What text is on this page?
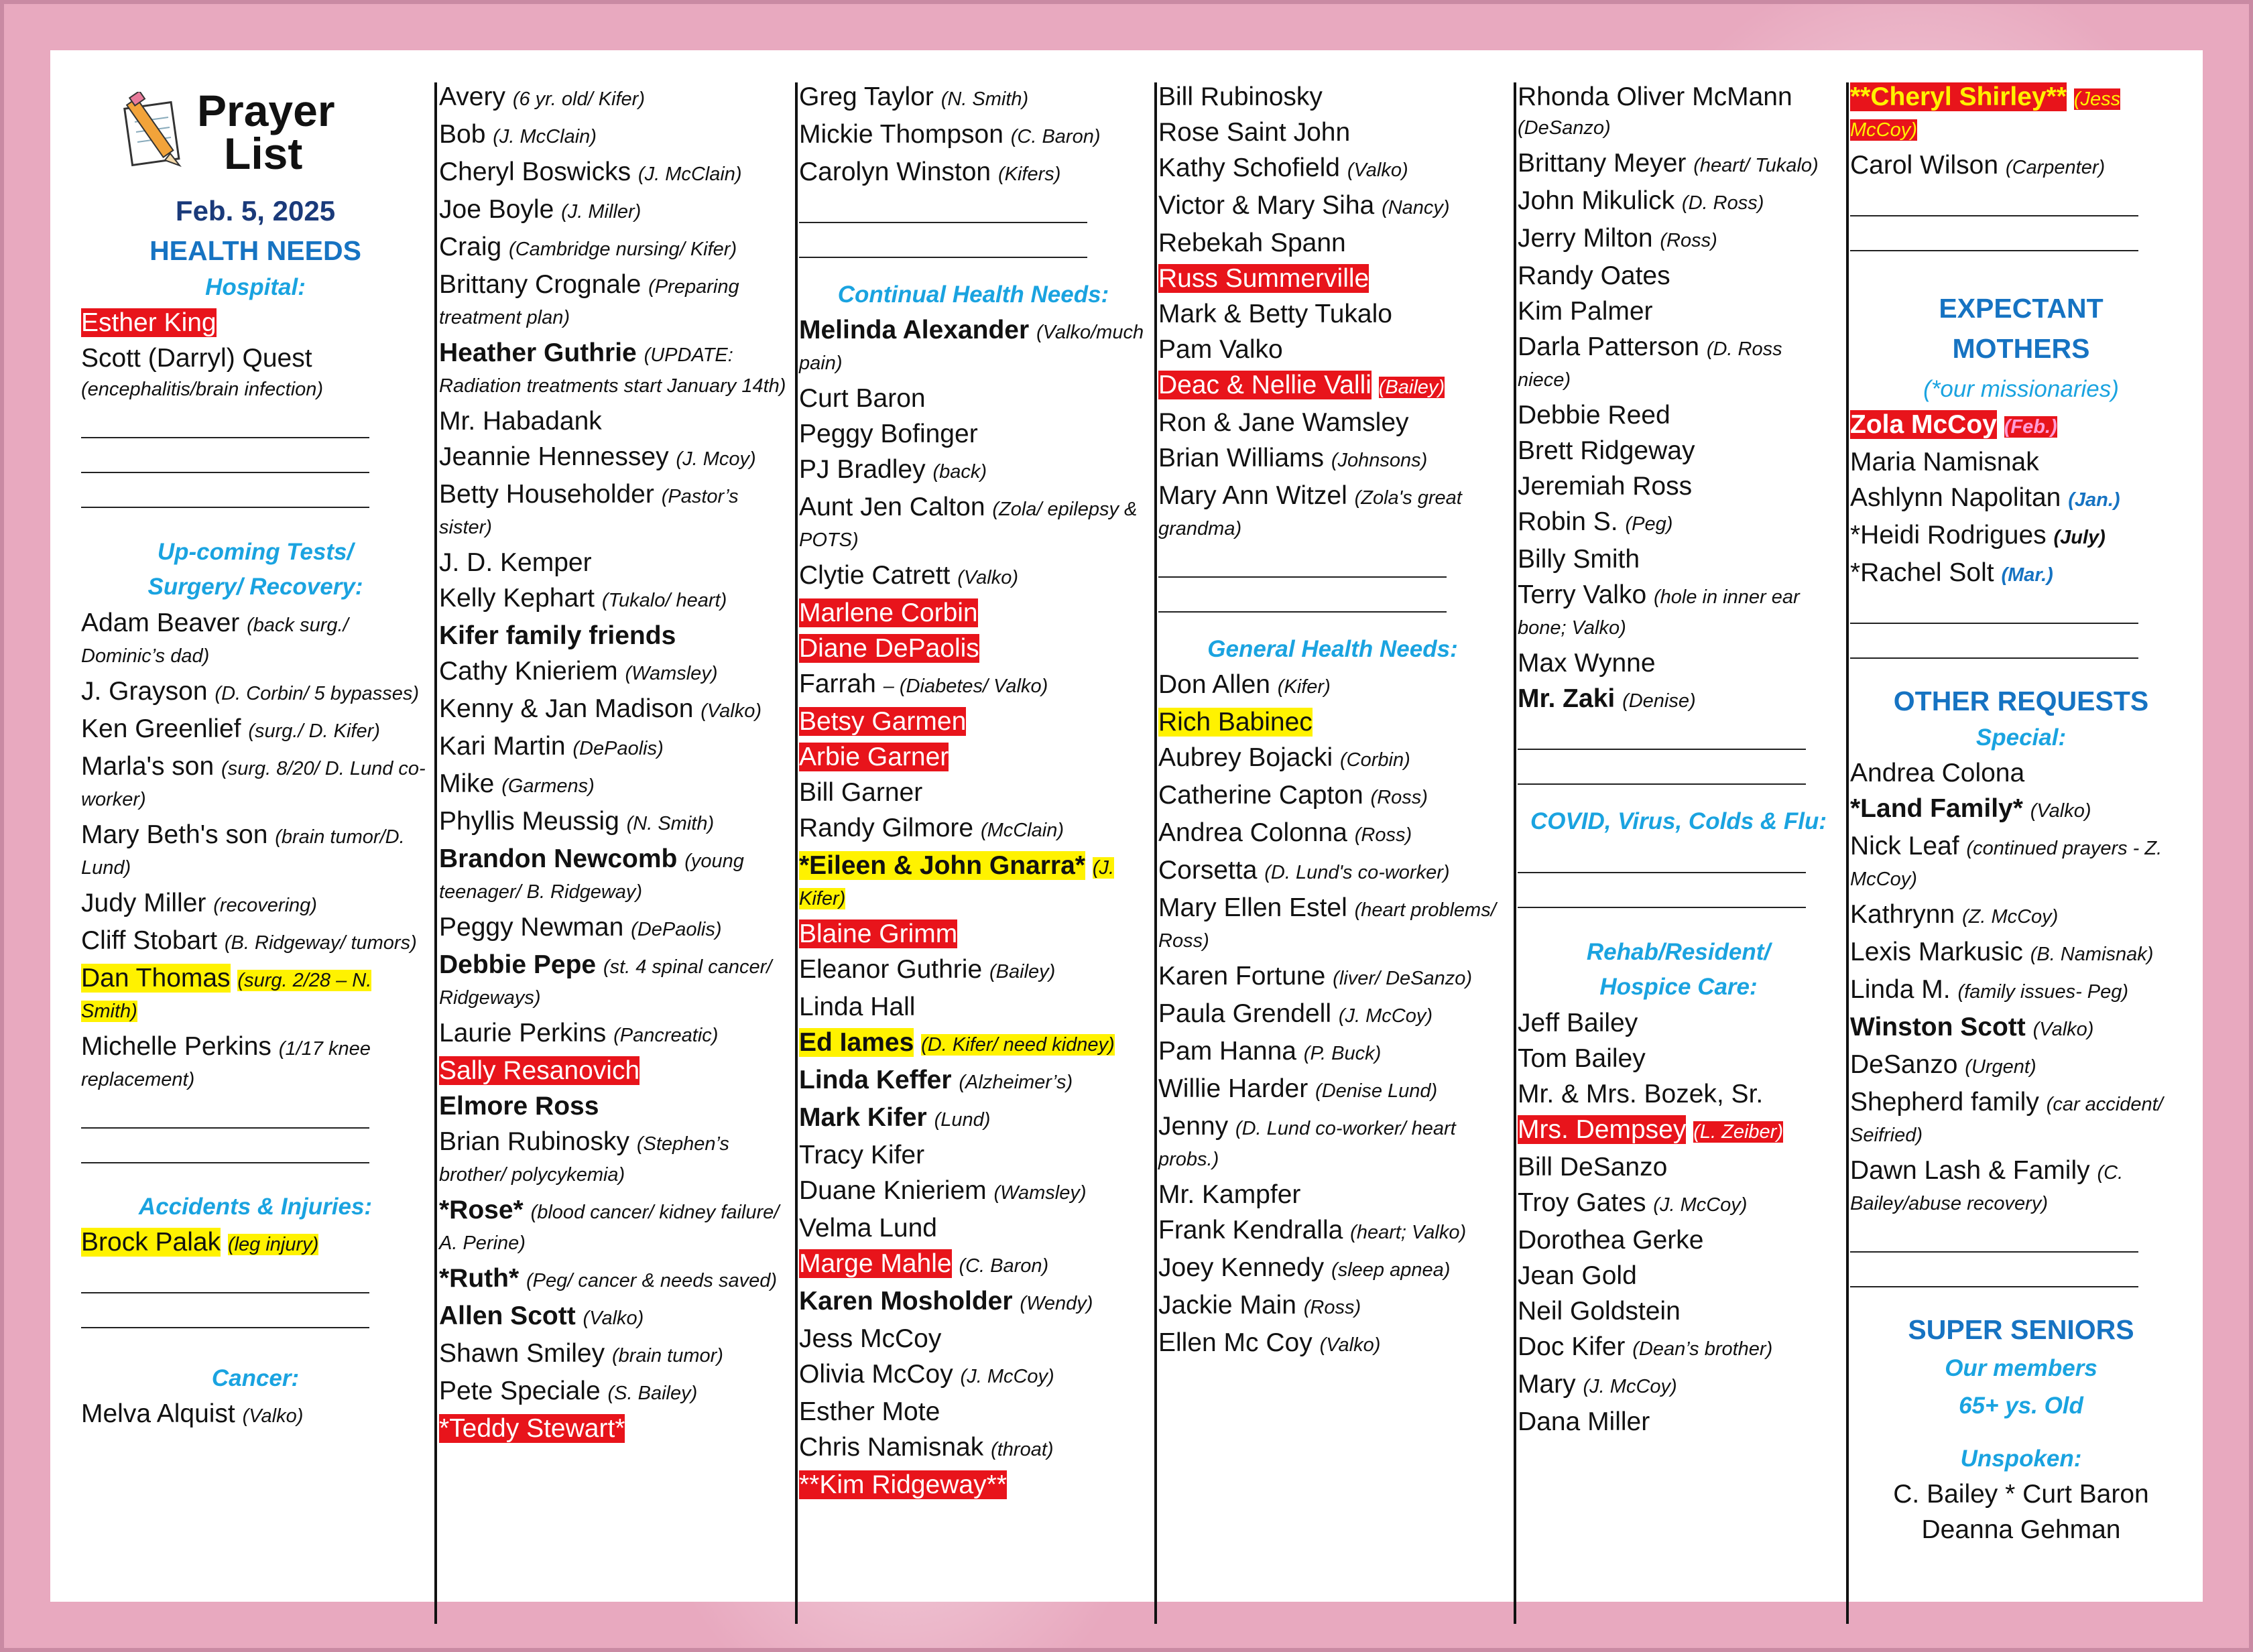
Prayer
List
Feb. 5, 2025
HEALTH NEEDS
Hospital:
Esther King
Scott (Darryl) Quest (encephalitis/brain infection)
Up-coming Tests/
Surgery/ Recovery:
Adam Beaver (back surg./ Dominic’s dad)
J. Grayson (D. Corbin/ 5 bypasses)
Ken Greenlief (surg./ D. Kifer)
Marla's son (surg. 8/20/ D. Lund co-worker)
Mary Beth's son (brain tumor/D. Lund)
Judy Miller (recovering)
Cliff Stobart (B. Ridgeway/ tumors)
Dan Thomas (surg. 2/28 – N. Smith)
Michelle Perkins (1/17 knee replacement)
Accidents & Injuries:
Brock Palak (leg injury)
Cancer:
Melva Alquist (Valko)
Avery (6 yr. old/ Kifer)
Bob (J. McClain)
Cheryl Boswicks (J. McClain)
Joe Boyle (J. Miller)
Craig (Cambridge nursing/ Kifer)
Brittany Crognale (Preparing treatment plan)
Heather Guthrie (UPDATE: Radiation treatments start January 14th)
Mr. Habadank
Jeannie Hennessey (J. Mcoy)
Betty Householder (Pastor’s sister)
J. D. Kemper
Kelly Kephart (Tukalo/ heart)
Kifer family friends
Cathy Knieriem (Wamsley)
Kenny & Jan Madison (Valko)
Kari Martin (DePaolis)
Mike (Garmens)
Phyllis Meussig (N. Smith)
Brandon Newcomb (young teenager/ B. Ridgeway)
Peggy Newman (DePaolis)
Debbie Pepe (st. 4 spinal cancer/ Ridgeways)
Laurie Perkins (Pancreatic)
Sally Resanovich
Elmore Ross
Brian Rubinosky (Stephen’s brother/ polycykemia)
*Rose* (blood cancer/ kidney failure/ A. Perine)
*Ruth* (Peg/ cancer & needs saved)
Allen Scott (Valko)
Shawn Smiley (brain tumor)
Pete Speciale (S. Bailey)
*Teddy Stewart*
Greg Taylor (N. Smith)
Mickie Thompson (C. Baron)
Carolyn Winston (Kifers)
Continual Health Needs:
Melinda Alexander (Valko/much pain)
Curt Baron
Peggy Bofinger
PJ Bradley (back)
Aunt Jen Calton (Zola/ epilepsy & POTS)
Clytie Catrett (Valko)
Marlene Corbin
Diane DePaolis
Farrah – (Diabetes/ Valko)
Betsy Garmen
Arbie Garner
Bill Garner
Randy Gilmore (McClain)
*Eileen & John Gnarra* (J. Kifer)
Blaine Grimm
Eleanor Guthrie (Bailey)
Linda Hall
Ed Iames (D. Kifer/ need kidney)
Linda Keffer (Alzheimer’s)
Mark Kifer (Lund)
Tracy Kifer
Duane Knieriem (Wamsley)
Velma Lund
Marge Mahle (C. Baron)
Karen Mosholder (Wendy)
Jess McCoy
Olivia McCoy (J. McCoy)
Esther Mote
Chris Namisnak (throat)
**Kim Ridgeway**
Bill Rubinosky
Rose Saint John
Kathy Schofield (Valko)
Victor & Mary Siha (Nancy)
Rebekah Spann
Russ Summerville
Mark & Betty Tukalo
Pam Valko
Deac & Nellie Valli (Bailey)
Ron & Jane Wamsley
Brian Williams (Johnsons)
Mary Ann Witzel (Zola's great grandma)
General Health Needs:
Don Allen (Kifer)
Rich Babinec
Aubrey Bojacki (Corbin)
Catherine Capton (Ross)
Andrea Colonna (Ross)
Corsetta (D. Lund's co-worker)
Mary Ellen Estel (heart problems/ Ross)
Karen Fortune (liver/ DeSanzo)
Paula Grendell (J. McCoy)
Pam Hanna (P. Buck)
Willie Harder (Denise Lund)
Jenny (D. Lund co-worker/ heart probs.)
Mr. Kampfer
Frank Kendralla (heart; Valko)
Joey Kennedy (sleep apnea)
Jackie Main (Ross)
Ellen Mc Coy (Valko)
Rhonda Oliver McMann (DeSanzo)
Brittany Meyer (heart/ Tukalo)
John Mikulick (D. Ross)
Jerry Milton (Ross)
Randy Oates
Kim Palmer
Darla Patterson (D. Ross niece)
Debbie Reed
Brett Ridgeway
Jeremiah Ross
Robin S. (Peg)
Billy Smith
Terry Valko (hole in inner ear bone; Valko)
Max Wynne
Mr. Zaki (Denise)
COVID, Virus, Colds & Flu:
Rehab/Resident/
Hospice Care:
Jeff Bailey
Tom Bailey
Mr. & Mrs. Bozek, Sr.
Mrs. Dempsey (L. Zeiber)
Bill DeSanzo
Troy Gates (J. McCoy)
Dorothea Gerke
Jean Gold
Neil Goldstein
Doc Kifer (Dean’s brother)
Mary (J. McCoy)
Dana Miller
**Cheryl Shirley** (Jess McCoy)
Carol Wilson (Carpenter)
EXPECTANT
MOTHERS
(*our missionaries)
Zola McCoy (Feb.)
Maria Namisnak
Ashlynn Napolitan (Jan.)
*Heidi Rodrigues (July)
*Rachel Solt (Mar.)
OTHER REQUESTS
Special:
Andrea Colona
*Land Family* (Valko)
Nick Leaf (continued prayers - Z. McCoy)
Kathrynn (Z. McCoy)
Lexis Markusic (B. Namisnak)
Linda M. (family issues- Peg)
Winston Scott (Valko)
DeSanzo (Urgent)
Shepherd family (car accident/ Seifried)
Dawn Lash & Family (C. Bailey/abuse recovery)
SUPER SENIORS
Our members
65+ ys. Old
Unspoken:
C. Bailey * Curt Baron
Deanna Gehman
